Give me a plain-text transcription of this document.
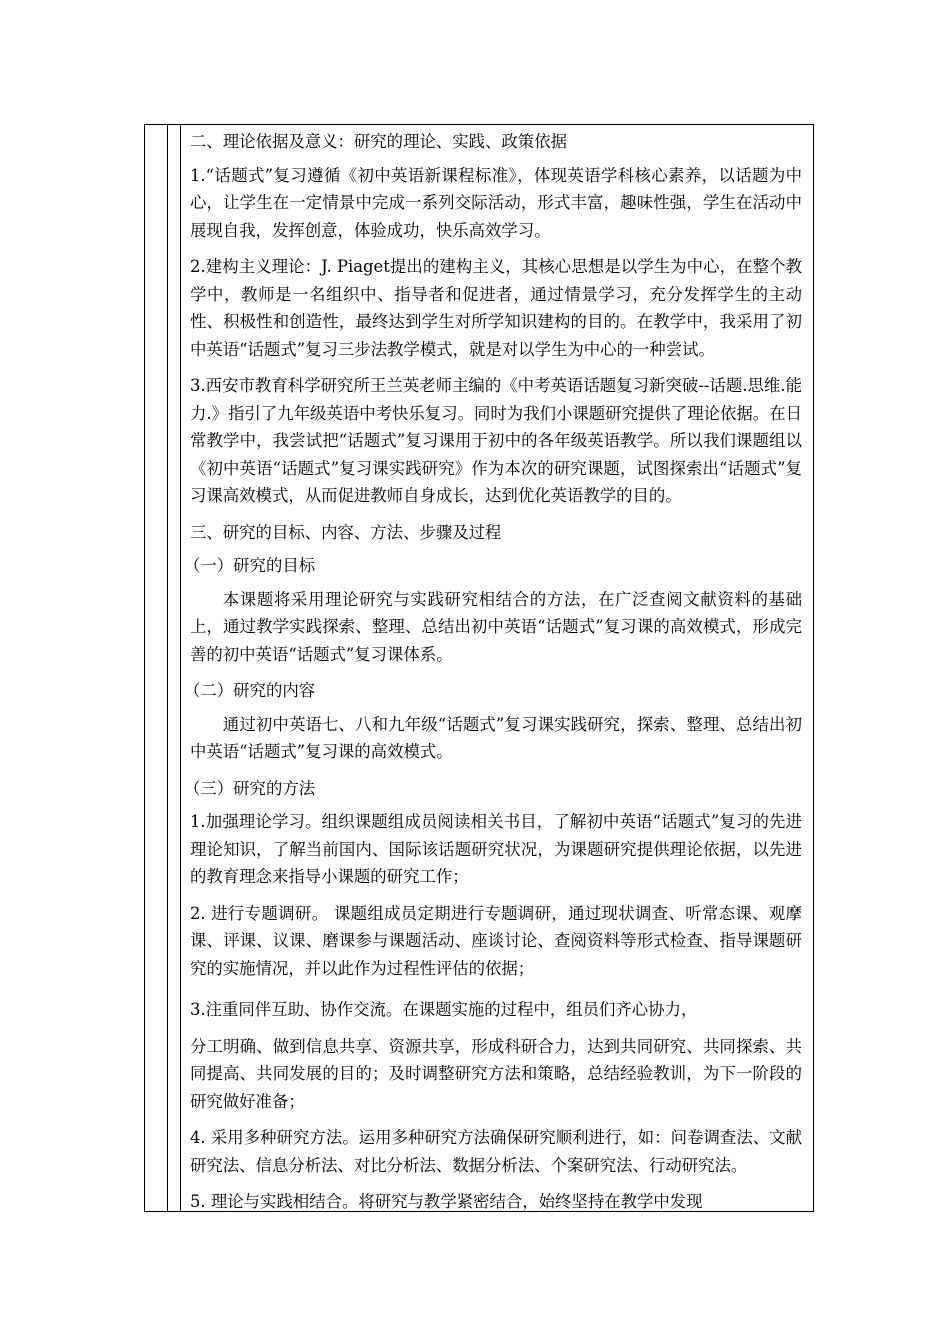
二、理论依据及意义：研究的理论、实践、政策依据

1.“话题式”复习遵循《初中英语新课程标准》，体现英语学科核心素养，以话题为中心，让学生在一定情景中完成一系列交际活动，形式丰富，趣味性强，学生在活动中展现自我，发挥创意，体验成功，快乐高效学习。

2.建构主义理论：J. Piaget提出的建构主义，其核心思想是以学生为中心，在整个教学中，教师是一名组织中、指导者和促进者，通过情景学习，充分发挥学生的主动性、积极性和创造性，最终达到学生对所学知识建构的目的。在教学中，我采用了初中英语“话题式”复习三步法教学模式，就是对以学生为中心的一种尝试。

3.西安市教育科学研究所王兰英老师主编的《中考英语话题复习新突破--话题.思维.能力.》指引了九年级英语中考快乐复习。同时为我们小课题研究提供了理论依据。在日常教学中，我尝试把“话题式”复习课用于初中的各年级英语教学。所以我们课题组以《初中英语“话题式”复习课实践研究》作为本次的研究课题，试图探索出“话题式”复习课高效模式，从而促进教师自身成长，达到优化英语教学的目的。

三、研究的目标、内容、方法、步骤及过程

（一）研究的目标

本课题将采用理论研究与实践研究相结合的方法，在广泛查阅文献资料的基础上，通过教学实践探索、整理、总结出初中英语“话题式”复习课的高效模式，形成完善的初中英语“话题式”复习课体系。

（二）研究的内容

通过初中英语七、八和九年级“话题式”复习课实践研究，探索、整理、总结出初中英语“话题式”复习课的高效模式。

（三）研究的方法

1.加强理论学习。组织课题组成员阅读相关书目，了解初中英语“话题式”复习的先进理论知识，了解当前国内、国际该话题研究状况，为课题研究提供理论依据，以先进的教育理念来指导小课题的研究工作；

2. 进行专题调研。 课题组成员定期进行专题调研，通过现状调查、听常态课、观摩课、评课、议课、磨课参与课题活动、座谈讨论、查阅资料等形式检查、指导课题研究的实施情况，并以此作为过程性评估的依据；

3.注重同伴互助、协作交流。在课题实施的过程中，组员们齐心协力，

分工明确、做到信息共享、资源共享，形成科研合力，达到共同研究、共同探索、共同提高、共同发展的目的；及时调整研究方法和策略，总结经验教训，为下一阶段的研究做好准备；

4. 采用多种研究方法。运用多种研究方法确保研究顺利进行，如：问卷调查法、文献研究法、信息分析法、对比分析法、数据分析法、个案研究法、行动研究法。

5. 理论与实践相结合。将研究与教学紧密结合，始终坚持在教学中发现
